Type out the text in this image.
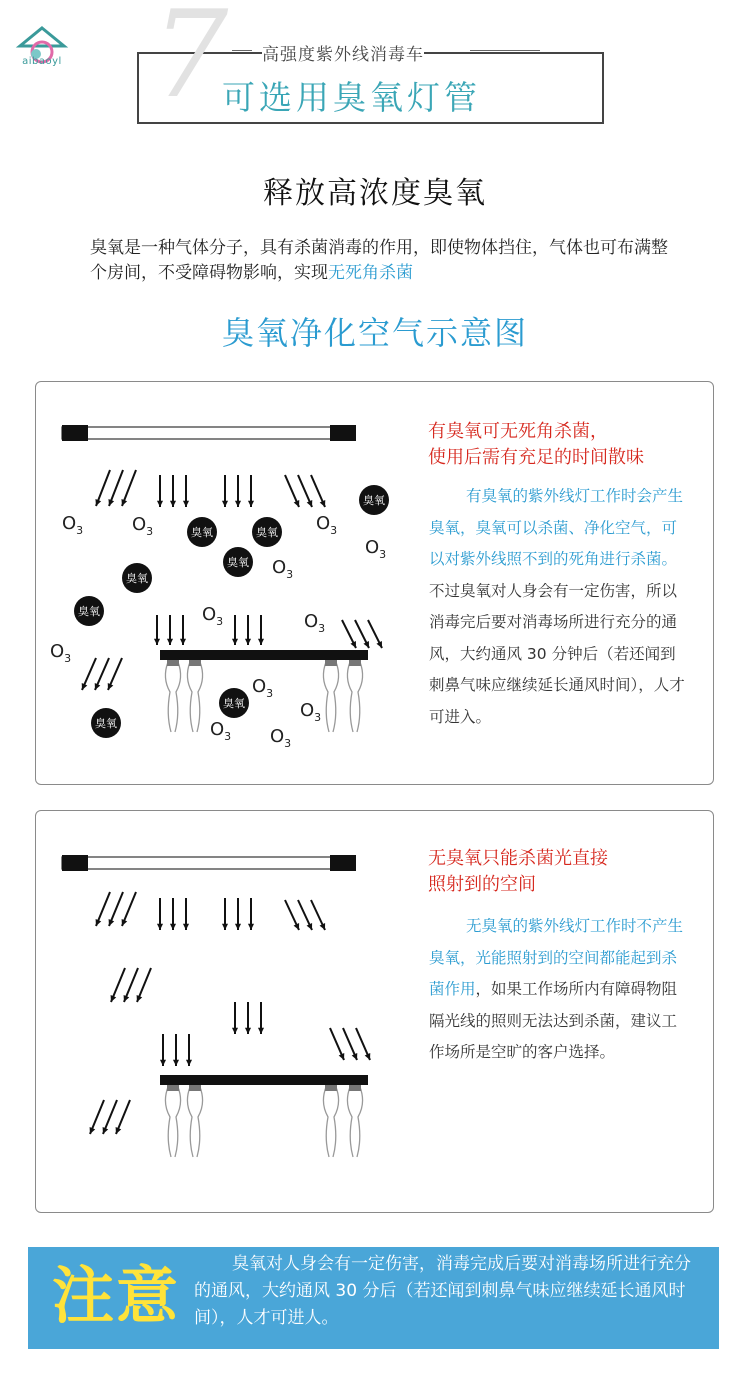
aibaoyl 7 高强度紫外线消毒车
可选用臭氧灯管
释放高浓度臭氧
臭氧是一种气体分子，具有杀菌消毒的作用，即使物体挡住，气体也可布满整个房间，不受障碍物影响，实现无死角杀菌
臭氧净化空气示意图
臭氧
臭氧	臭氧
臭氧
臭氧
臭氧
臭氧
臭氧
$O_3$	$O_3$	$O_3$
$O_3$
$O_3$
$O_3$	$O_3$
$O_3$
$O_3$
$O_3$
$O_3$ $O_3$
有臭氧可无死角杀菌，
使用后需有充足的时间散味
有臭氧的紫外线灯工作时会产生臭氧，臭氧可以杀菌、净化空气，可以对紫外线照不到的死角进行杀菌。不过臭氧对人身会有一定伤害，所以消毒完后要对消毒场所进行充分的通风，大约通风 30 分钟后（若还闻到刺鼻气味应继续延长通风时间），人才可进入。
无臭氧只能杀菌光直接
照射到的空间
无臭氧的紫外线灯工作时不产生臭氧，光能照射到的空间都能起到杀菌作用，如果工作场所内有障碍物阻隔光线的照则无法达到杀菌，建议工作场所是空旷的客户选择。
注意	臭氧对人身会有一定伤害，消毒完成后要对消毒场所进行充分的通风，大约通风 30 分后（若还闻到刺鼻气味应继续延长通风时间），人才可进人。
